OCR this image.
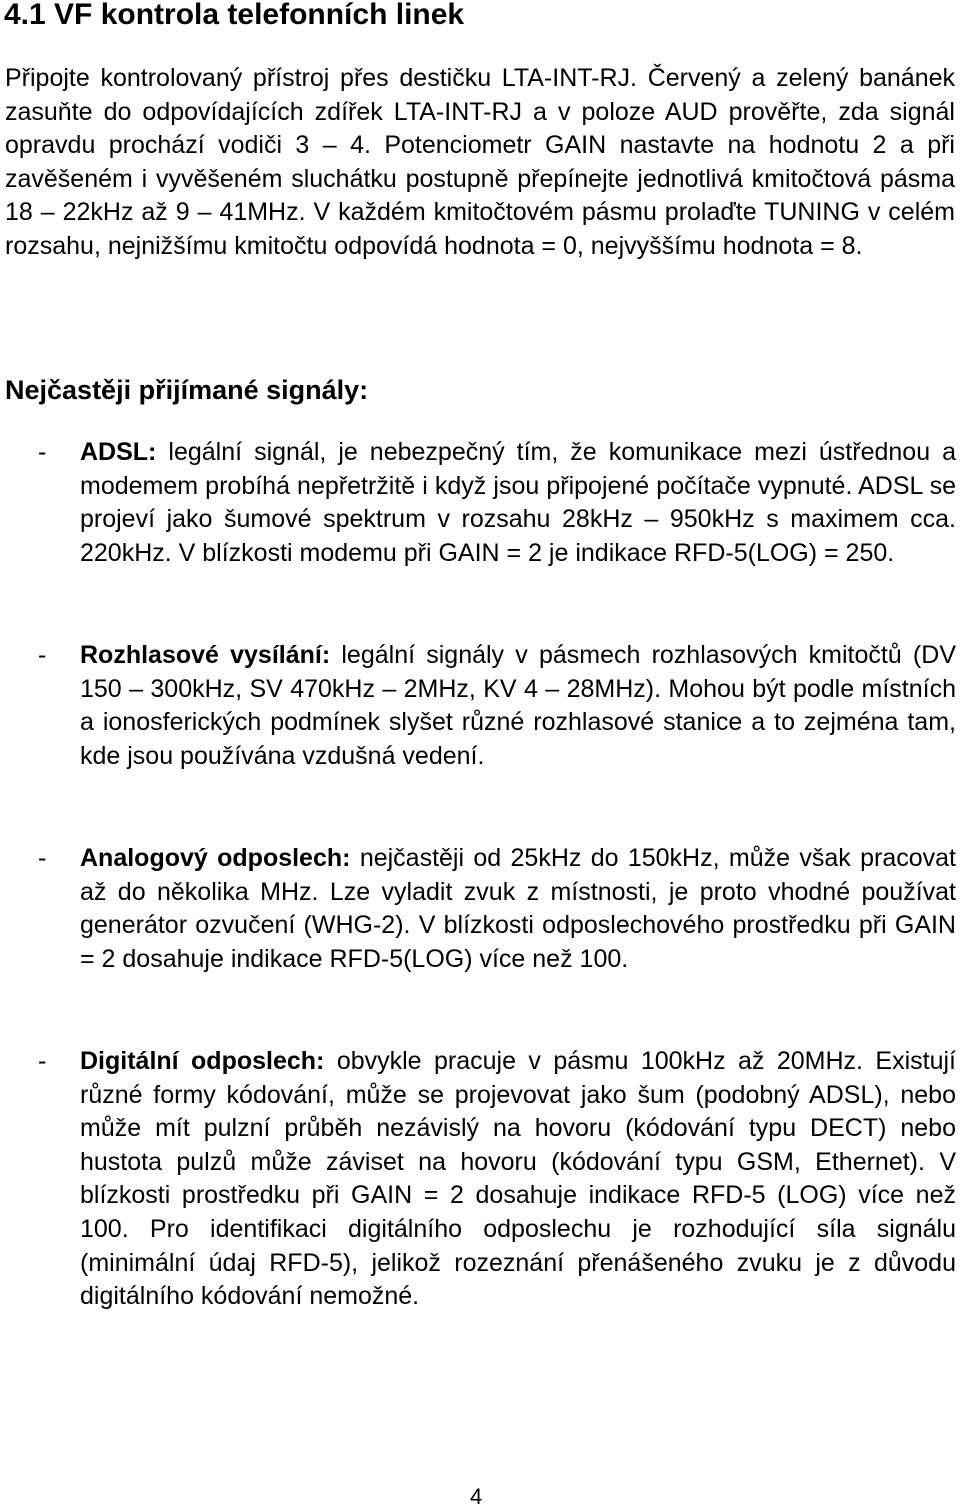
4.1 VF kontrola telefonních linek

Připojte kontrolovaný přístroj přes destičku LTA-INT-RJ. Červený a zelený banánek zasuňte do odpovídajících zdířek LTA-INT-RJ a v poloze AUD prověřte, zda signál opravdu prochází vodiči 3 – 4. Potenciometr GAIN nastavte na hodnotu 2 a při zavěšeném i vyvěšeném sluchátku postupně přepínejte jednotlivá kmitočtová pásma 18 – 22kHz až 9 – 41MHz. V každém kmitočtovém pásmu prolaďte TUNING v celém rozsahu, nejnižšímu kmitočtu odpovídá hodnota = 0, nejvyššímu hodnota = 8.

Nejčastěji přijímané signály:
- ADSL: legální signál, je nebezpečný tím, že komunikace mezi ústřednou a modemem probíhá nepřetržitě i když jsou připojené počítače vypnuté. ADSL se projeví jako šumové spektrum v rozsahu 28kHz – 950kHz s maximem cca. 220kHz. V blízkosti modemu při GAIN = 2 je indikace RFD-5(LOG) = 250.
- Rozhlasové vysílání: legální signály v pásmech rozhlasových kmitočtů (DV 150 – 300kHz, SV 470kHz – 2MHz, KV 4 – 28MHz). Mohou být podle místních a ionosferických podmínek slyšet různé rozhlasové stanice a to zejména tam, kde jsou používána vzdušná vedení.
- Analogový odposlech: nejčastěji od 25kHz do 150kHz, může však pracovat až do několika MHz. Lze vyladit zvuk z místnosti, je proto vhodné používat generátor ozvučení (WHG-2). V blízkosti odposlechového prostředku při GAIN = 2 dosahuje indikace RFD-5(LOG) více než 100.
- Digitální odposlech: obvykle pracuje v pásmu 100kHz až 20MHz. Existují různé formy kódování, může se projevovat jako šum (podobný ADSL), nebo může mít pulzní průběh nezávislý na hovoru (kódování typu DECT) nebo hustota pulzů může záviset na hovoru (kódování typu GSM, Ethernet). V blízkosti prostředku při GAIN = 2 dosahuje indikace RFD-5 (LOG) více než 100. Pro identifikaci digitálního odposlechu je rozhodující síla signálu (minimální údaj RFD-5), jelikož rozeznání přenášeného zvuku je z důvodu digitálního kódování nemožné.
4
